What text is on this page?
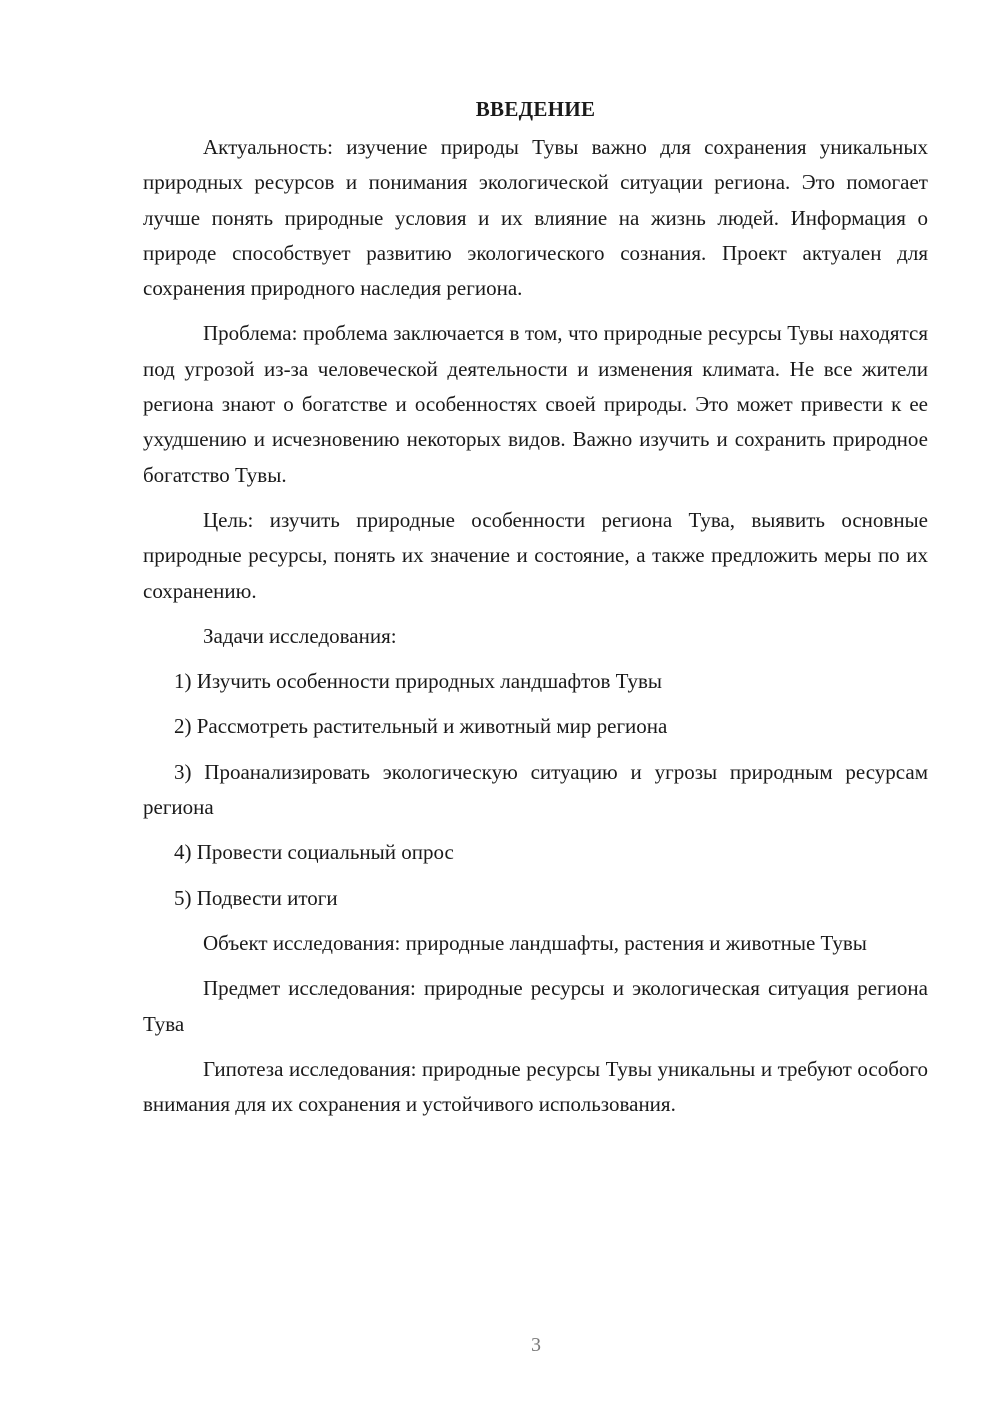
ВВЕДЕНИЕ

Актуальность: изучение природы Тувы важно для сохранения уникальных природных ресурсов и понимания экологической ситуации региона. Это помогает лучше понять природные условия и их влияние на жизнь людей. Информация о природе способствует развитию экологического сознания. Проект актуален для сохранения природного наследия региона.

Проблема: проблема заключается в том, что природные ресурсы Тувы находятся под угрозой из-за человеческой деятельности и изменения климата. Не все жители региона знают о богатстве и особенностях своей природы. Это может привести к ее ухудшению и исчезновению некоторых видов. Важно изучить и сохранить природное богатство Тувы.

Цель: изучить природные особенности региона Тува, выявить основные природные ресурсы, понять их значение и состояние, а также предложить меры по их сохранению.

Задачи исследования:

1) Изучить особенности природных ландшафтов Тувы

2) Рассмотреть растительный и животный мир региона

3) Проанализировать экологическую ситуацию и угрозы природным ресурсам региона

4) Провести социальный опрос

5) Подвести итоги

Объект исследования: природные ландшафты, растения и животные Тувы

Предмет исследования: природные ресурсы и экологическая ситуация региона Тува

Гипотеза исследования: природные ресурсы Тувы уникальны и требуют особого внимания для их сохранения и устойчивого использования.

3
